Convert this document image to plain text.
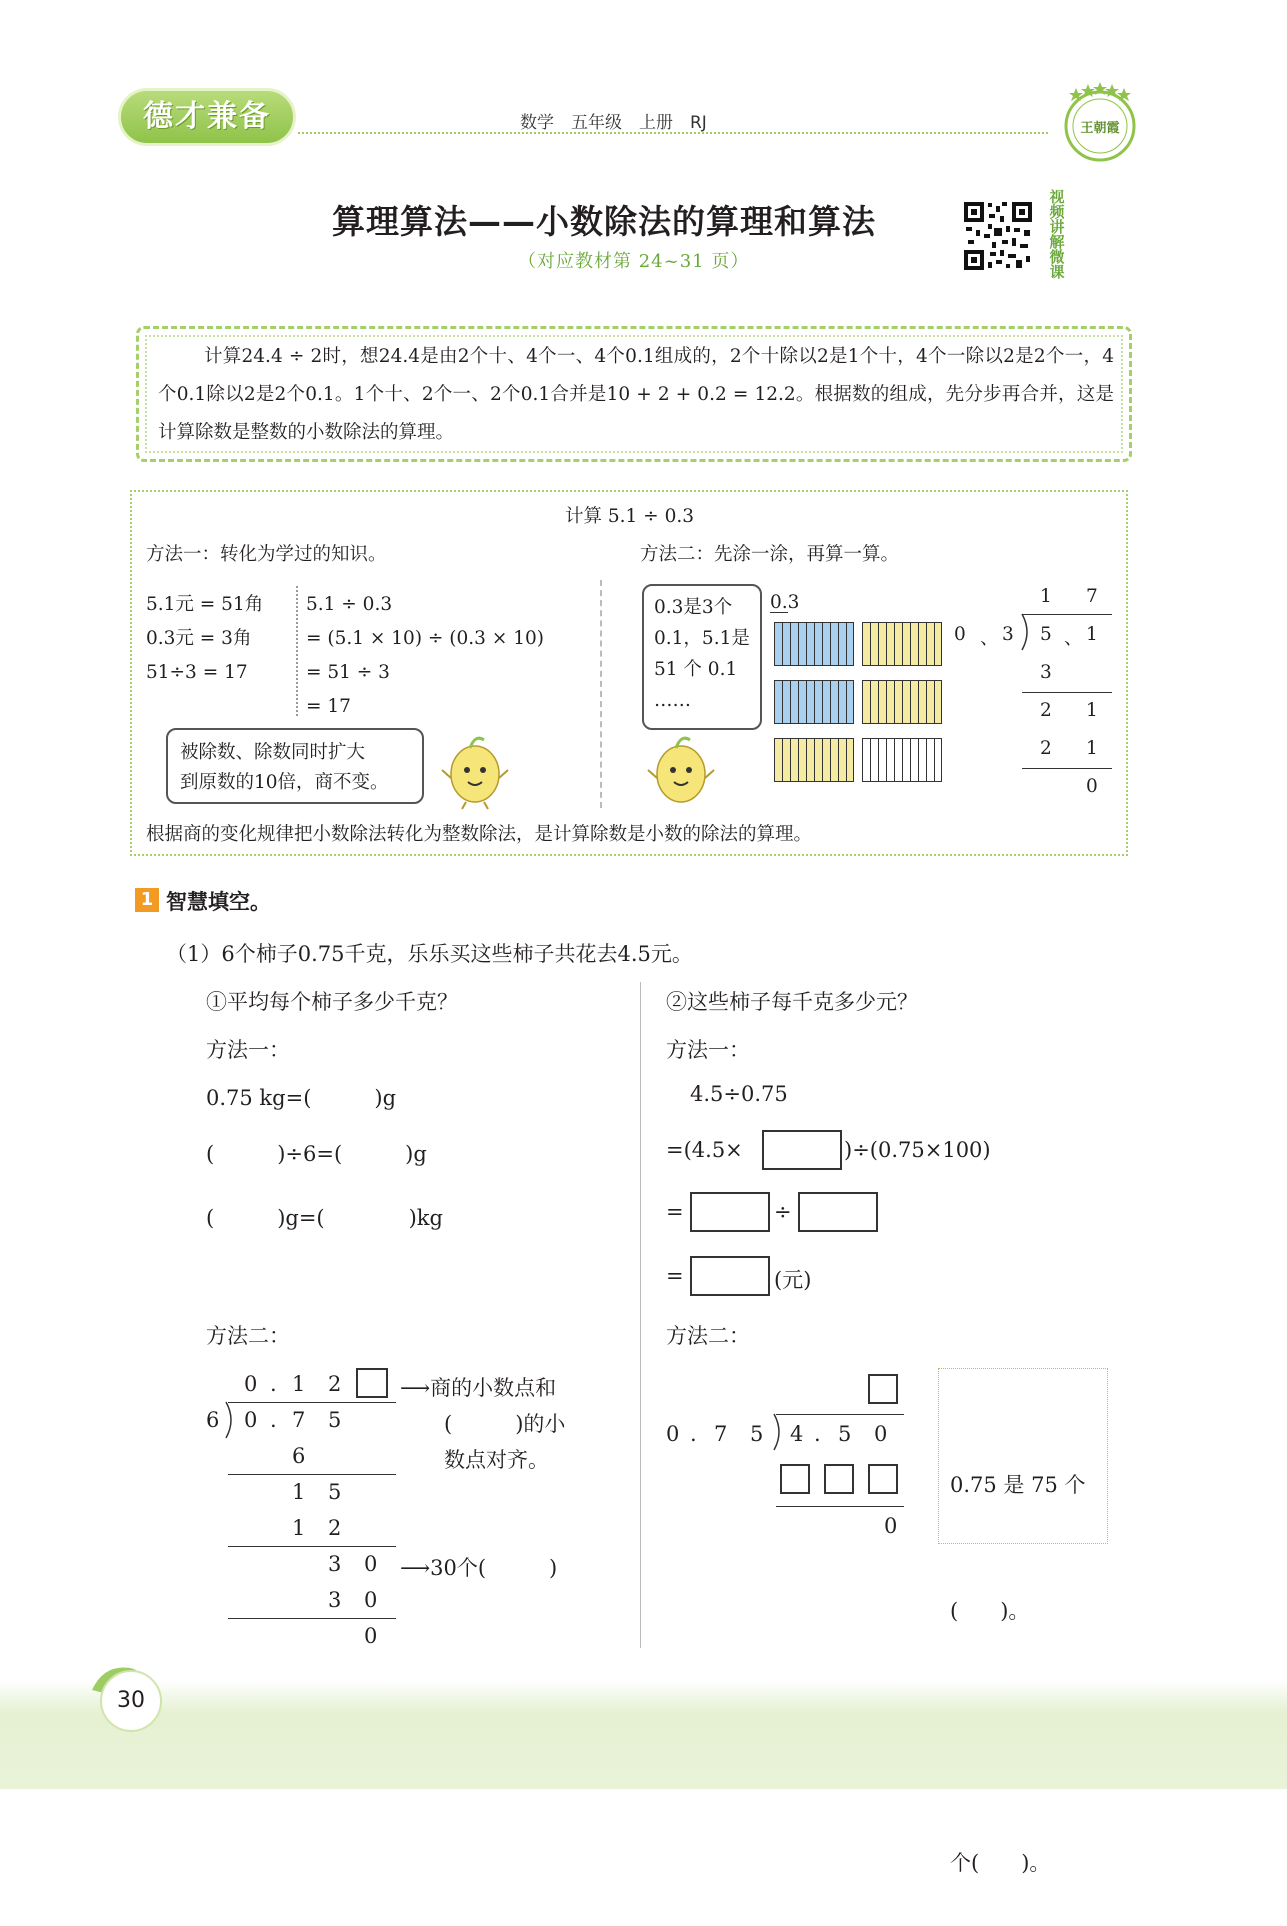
德才兼备	数学　五年级　上册　RJ	王朝霞
算理算法——小数除法的算理和算法
（对应教材第 24~31 页）
视频讲解微课
计算24.4 ÷ 2时，想24.4是由2个十、4个一、4个0.1组成的，2个十除以2是1个十，4个一除以2是2个一，4个0.1除以2是2个0.1。1个十、2个一、2个0.1合并是10 + 2 + 0.2 = 12.2。根据数的组成，先分步再合并，这是计算除数是整数的小数除法的算理。
计算 5.1 ÷ 0.3
方法一：转化为学过的知识。	方法二：先涂一涂，再算一算。
5.1元 = 51角
0.3元 = 3角
51÷3 = 17
5.1 ÷ 0.3
= (5.1 × 10) ÷ (0.3 × 10)
= 51 ÷ 3
= 17
被除数、除数同时扩大
到原数的10倍，商不变。
0.3是3个
0.1，5.1是
51 个 0.1
……
0.3	1 7
0 、 3 5 、 1
3
2 1
2 1
0
根据商的变化规律把小数除法转化为整数除法，是计算除数是小数的除法的算理。
1 智慧填空。
（1）6个柿子0.75千克，乐乐买这些柿子共花去4.5元。
①平均每个柿子多少千克？
方法一：
0.75 kg=(　　　)g
(　　　)÷6=(　　　)g
(　　　)g=(　　　　)kg
方法二：
0 . 1 2
6 0 . 7 5
6
1 5
1 2
3 0
3 0
0
⟶商的小数点和
(　　　)的小
数点对齐。
⟶30个(　　　)
②这些柿子每千克多少元？
方法一：
4.5÷0.75
=(4.5×	)÷(0.75×100)
=	÷
=	(元)
方法二：
0 . 7 5 4 . 5 0
0

0.75 是 75 个

(　　)。

个(　　)。

30
